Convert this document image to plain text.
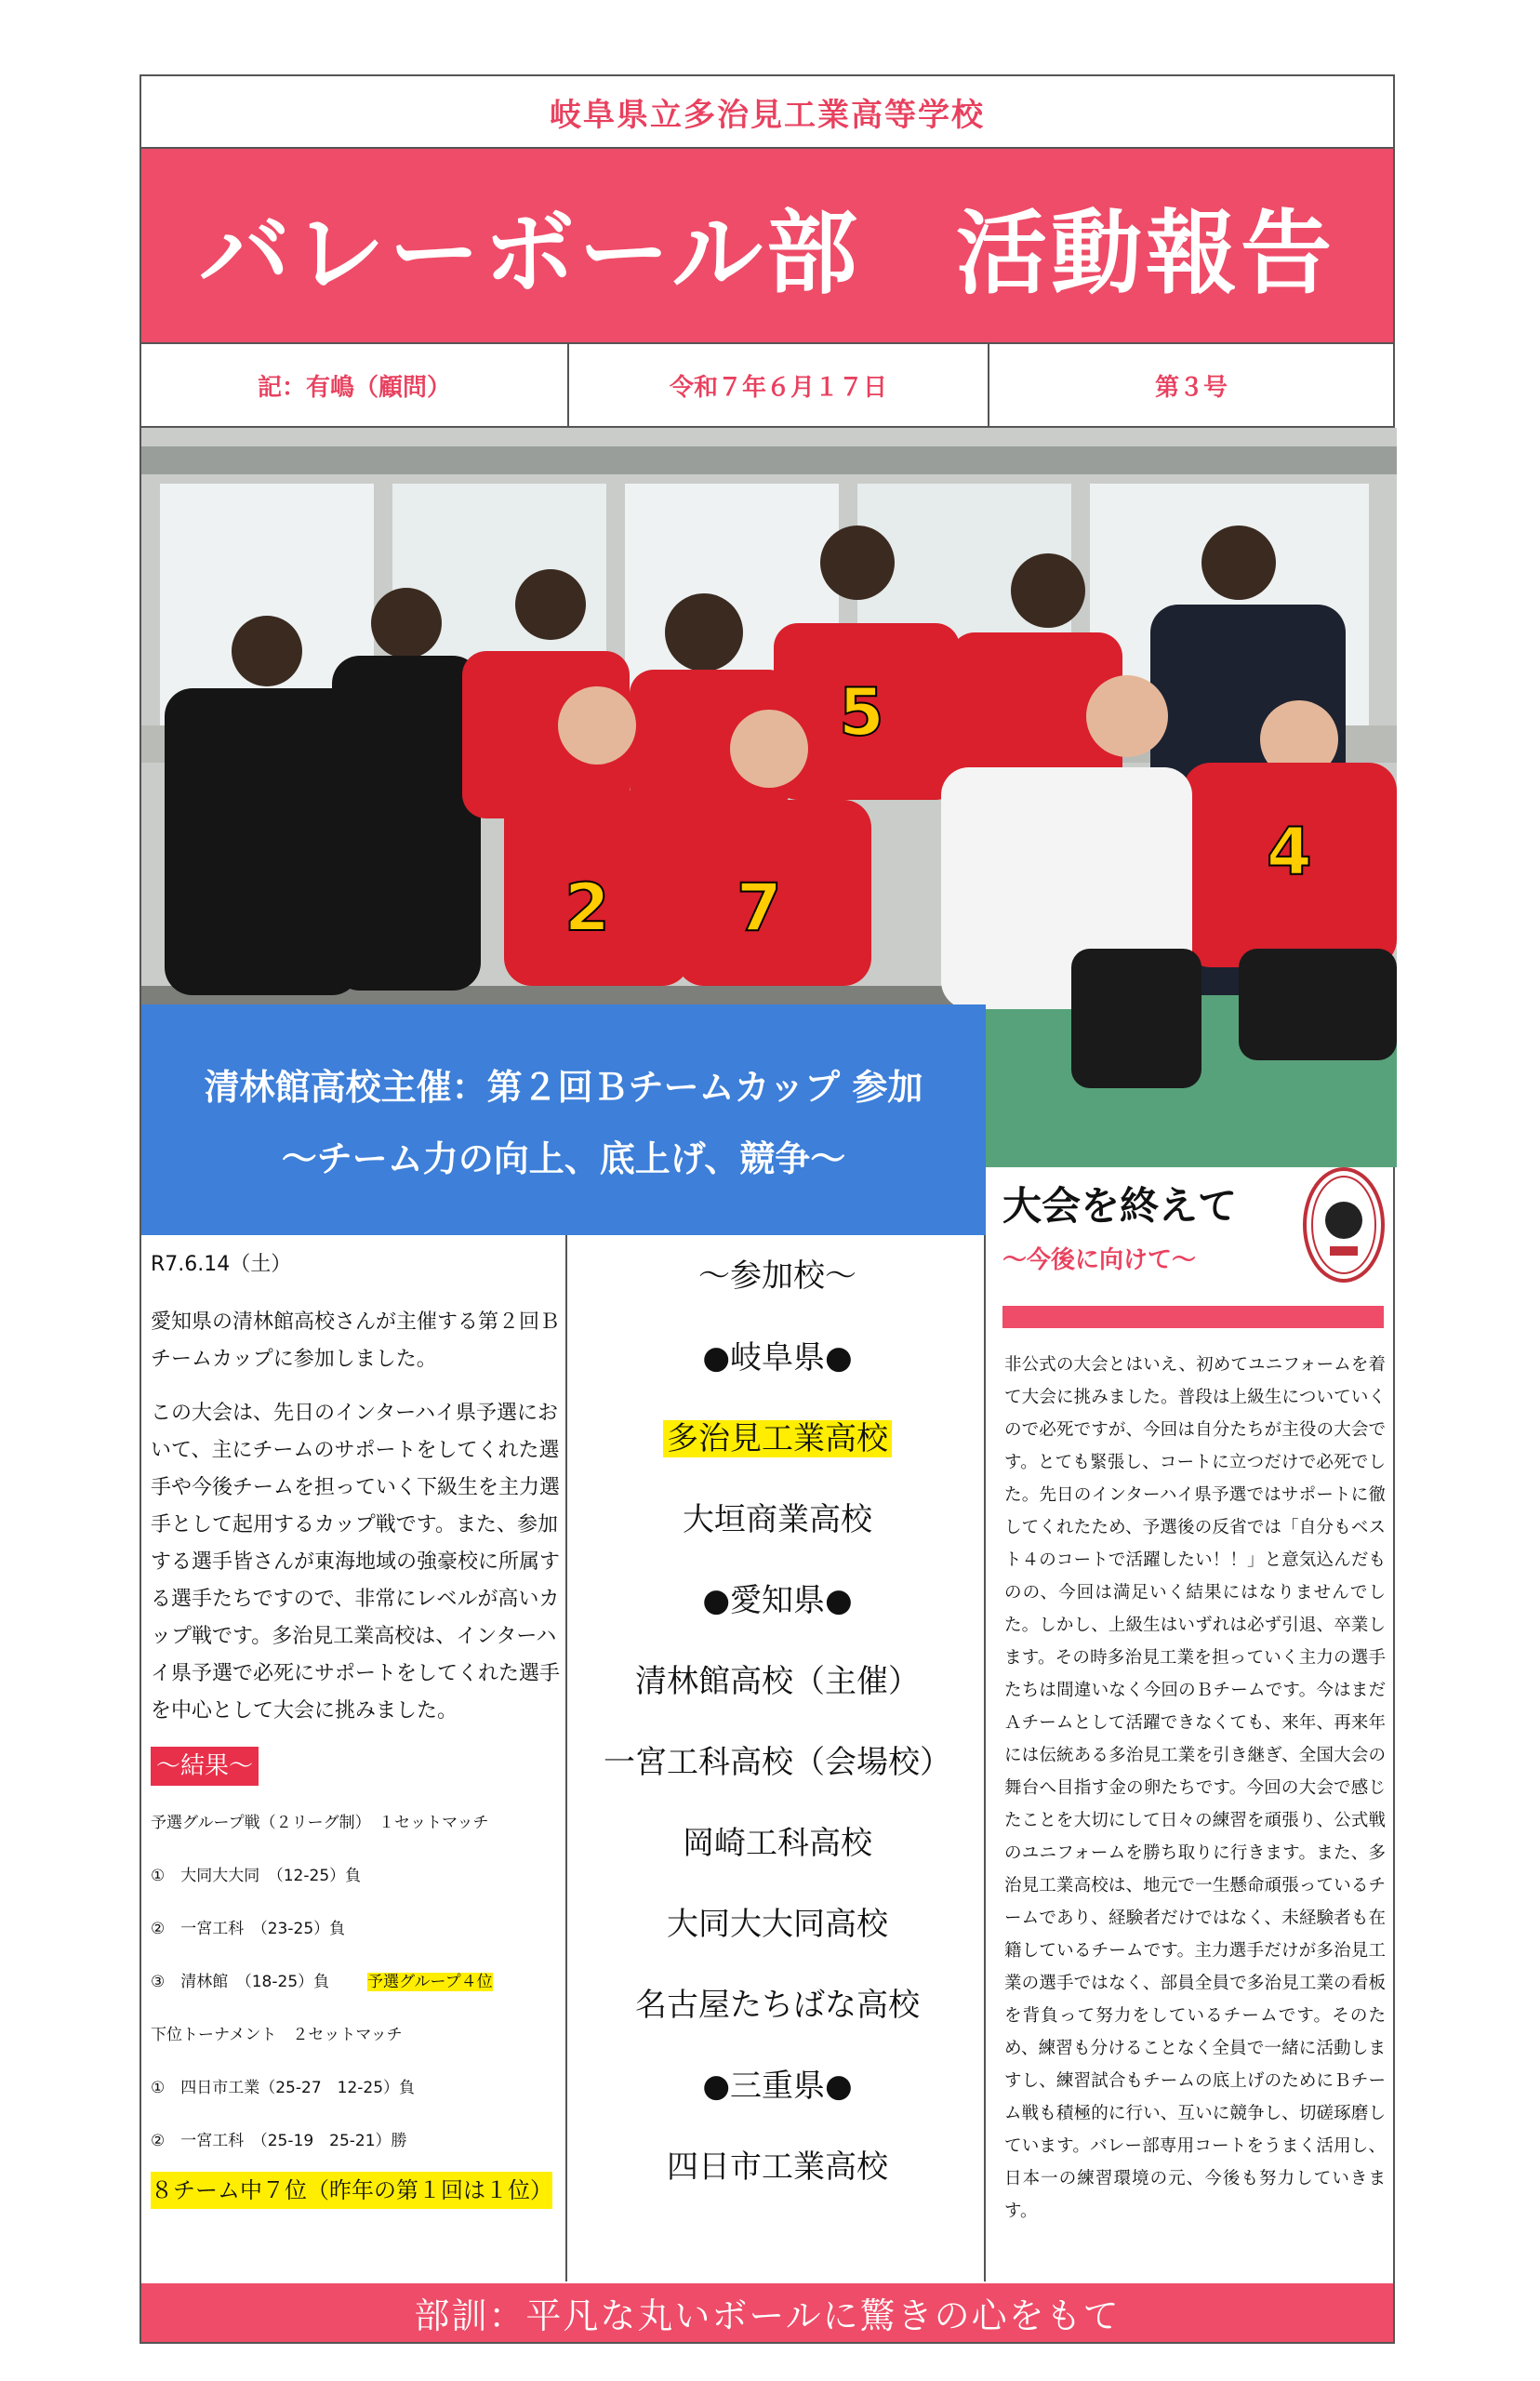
岐阜県立多治見工業高等学校
バレーボール部　活動報告
記：有嶋（顧問）	令和７年６月１７日	第３号
2 7
5
4
清林館高校主催：第２回Ｂチームカップ 参加
～チーム力の向上、底上げ、競争～

R7.6.14（土）

愛知県の清林館高校さんが主催する第２回Ｂチームカップに参加しました。

この大会は、先日のインターハイ県予選において、主にチームのサポートをしてくれた選手や今後チームを担っていく下級生を主力選手として起用するカップ戦です。また、参加する選手皆さんが東海地域の強豪校に所属する選手たちですので、非常にレベルが高いカップ戦です。多治見工業高校は、インターハイ県予選で必死にサポートをしてくれた選手を中心として大会に挑みました。

～結果～
予選グループ戦（２リーグ制）　１セットマッチ
①　大同大大同　（12-25）負
②　一宮工科　（23-25）負
③　清林館　（18-25）負 予選グループ４位
下位トーナメント　２セットマッチ
①　四日市工業（25-27　12-25）負
②　一宮工科　（25-19　25-21）勝
８チーム中７位（昨年の第１回は１位）
～参加校～
●岐阜県●
多治見工業高校
大垣商業高校
●愛知県●
清林館高校（主催）
一宮工科高校（会場校）
岡崎工科高校
大同大大同高校
名古屋たちばな高校
●三重県●
四日市工業高校
大会を終えて
～今後に向けて～
非公式の大会とはいえ、初めてユニフォームを着て大会に挑みました。普段は上級生についていくので必死ですが、今回は自分たちが主役の大会です。とても緊張し、コートに立つだけで必死でした。先日のインターハイ県予選ではサポートに徹してくれたため、予選後の反省では「自分もベスト４のコートで活躍したい！！」と意気込んだものの、今回は満足いく結果にはなりませんでした。しかし、上級生はいずれは必ず引退、卒業します。その時多治見工業を担っていく主力の選手たちは間違いなく今回のＢチームです。今はまだＡチームとして活躍できなくても、来年、再来年には伝統ある多治見工業を引き継ぎ、全国大会の舞台へ目指す金の卵たちです。今回の大会で感じたことを大切にして日々の練習を頑張り、公式戦のユニフォームを勝ち取りに行きます。また、多治見工業高校は、地元で一生懸命頑張っているチームであり、経験者だけではなく、未経験者も在籍しているチームです。主力選手だけが多治見工業の選手ではなく、部員全員で多治見工業の看板を背負って努力をしているチームです。そのため、練習も分けることなく全員で一緒に活動しますし、練習試合もチームの底上げのためにＢチーム戦も積極的に行い、互いに競争し、切磋琢磨しています。バレー部専用コートをうまく活用し、日本一の練習環境の元、今後も努力していきます。
部訓：平凡な丸いボールに驚きの心をもて
